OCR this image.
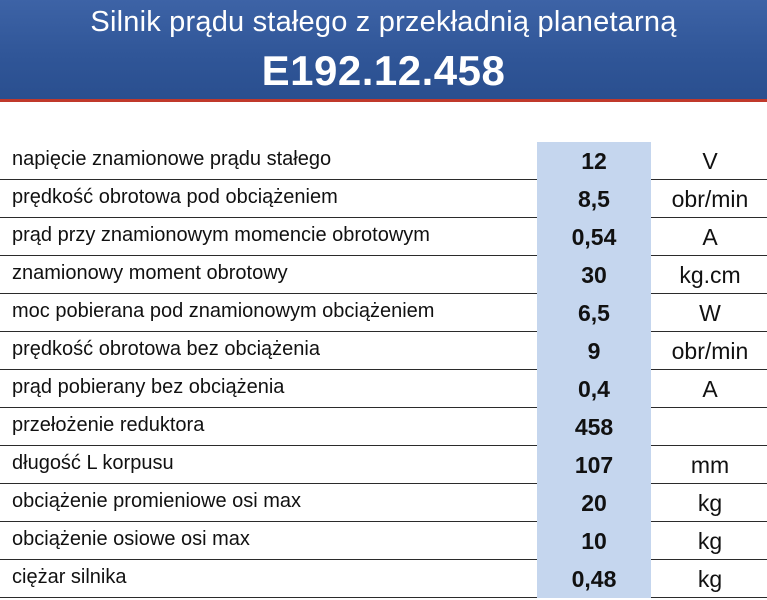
Silnik prądu stałego z przekładnią planetarną
E192.12.458
napięcie znamionowe prądu stałego	12	V
prędkość obrotowa pod obciążeniem	8,5	obr/min
prąd przy znamionowym momencie obrotowym	0,54	A
znamionowy moment obrotowy	30	kg.cm
moc pobierana pod znamionowym obciążeniem	6,5	W
prędkość obrotowa bez obciążenia	9	obr/min
prąd pobierany bez obciążenia	0,4	A
przełożenie reduktora	458
długość L korpusu	107	mm
obciążenie promieniowe osi max	20	kg
obciążenie osiowe osi max	10	kg
ciężar silnika	0,48	kg
